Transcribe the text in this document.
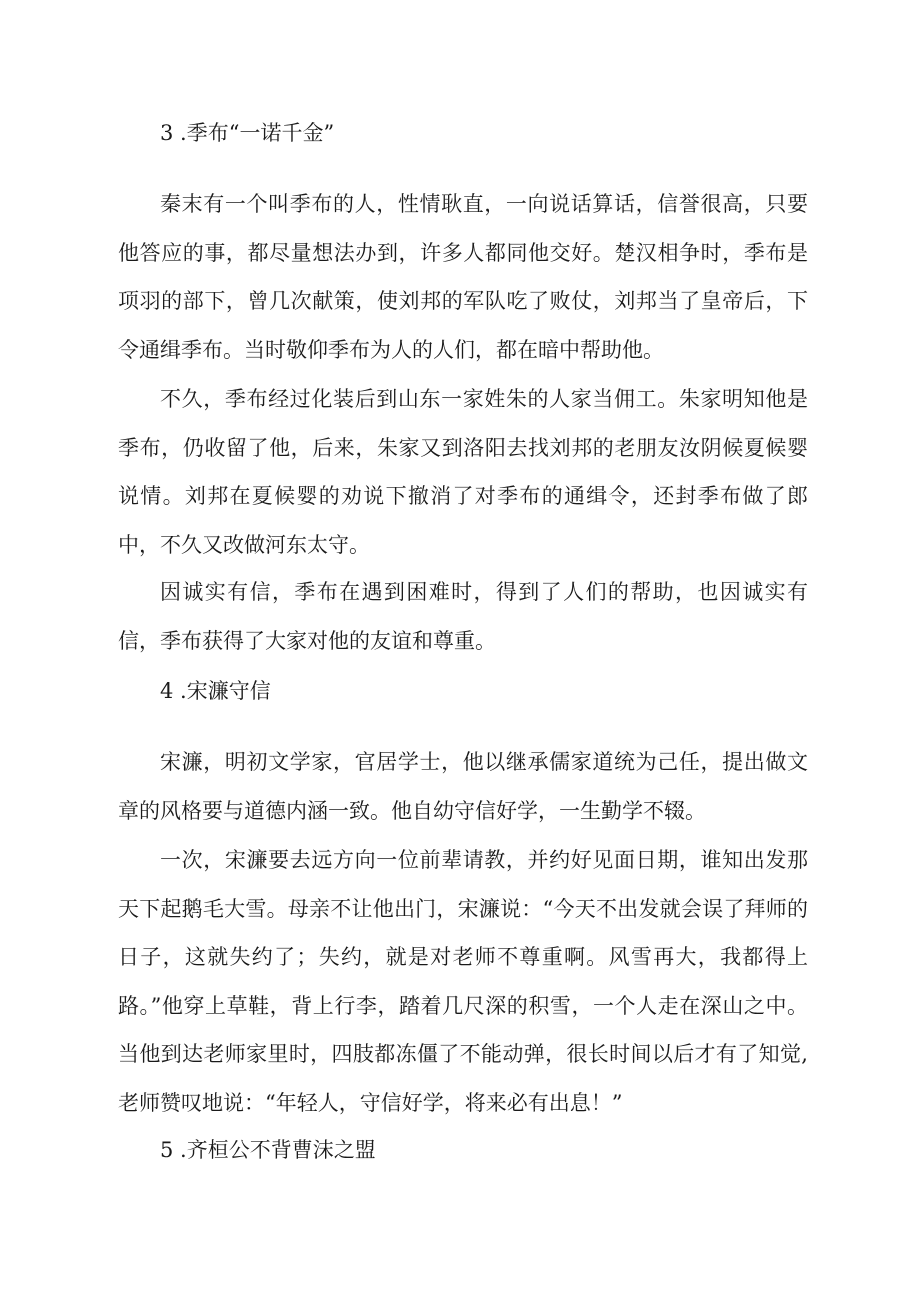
3 .季布“一诺千金”

秦末有一个叫季布的人，性情耿直，一向说话算话，信誉很高，只要他答应的事，都尽量想法办到，许多人都同他交好。楚汉相争时，季布是项羽的部下，曾几次献策，使刘邦的军队吃了败仗，刘邦当了皇帝后，下令通缉季布。当时敬仰季布为人的人们，都在暗中帮助他。

不久，季布经过化装后到山东一家姓朱的人家当佣工。朱家明知他是季布，仍收留了他，后来，朱家又到洛阳去找刘邦的老朋友汝阴候夏候婴说情。刘邦在夏候婴的劝说下撤消了对季布的通缉令，还封季布做了郎中，不久又改做河东太守。

因诚实有信，季布在遇到困难时，得到了人们的帮助，也因诚实有信，季布获得了大家对他的友谊和尊重。

4 .宋濂守信

宋濂，明初文学家，官居学士，他以继承儒家道统为己任，提出做文章的风格要与道德内涵一致。他自幼守信好学，一生勤学不辍。

一次，宋濂要去远方向一位前辈请教，并约好见面日期，谁知出发那天下起鹅毛大雪。母亲不让他出门，宋濂说：“今天不出发就会误了拜师的日子，这就失约了；失约，就是对老师不尊重啊。风雪再大，我都得上路。”他穿上草鞋，背上行李，踏着几尺深的积雪，一个人走在深山之中。当他到达老师家里时，四肢都冻僵了不能动弹，很长时间以后才有了知觉,老师赞叹地说：“年轻人，守信好学，将来必有出息！”

5 .齐桓公不背曹沫之盟
